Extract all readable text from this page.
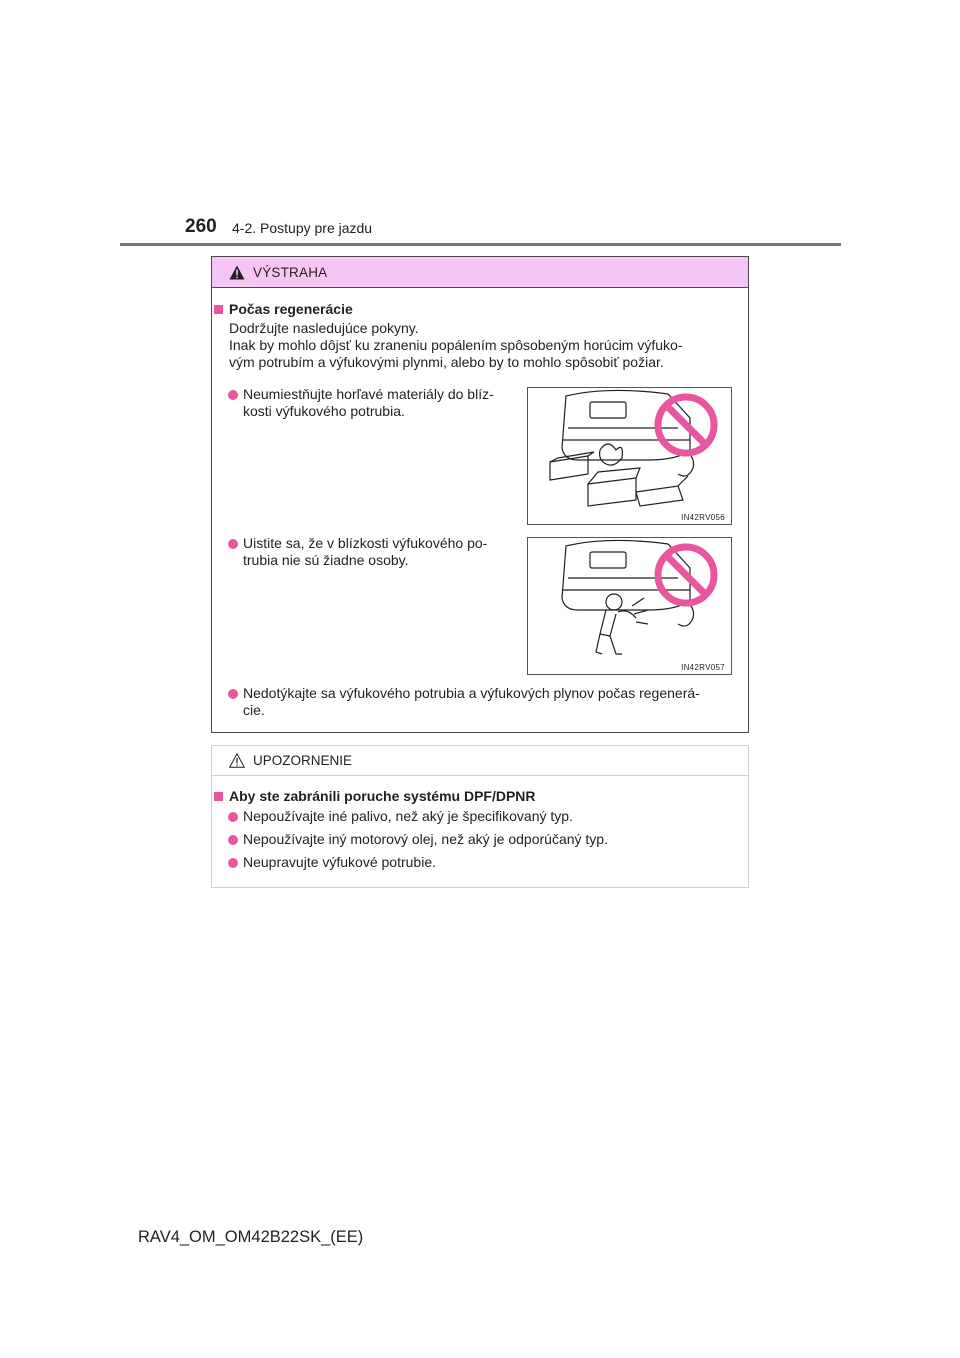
260 4-2. Postupy pre jazdu
VÝSTRAHA
Počas regenerácie
Dodržujte nasledujúce pokyny.
Inak by mohlo dôjsť ku zraneniu popálením spôsobeným horúcim výfuko-
vým potrubím a výfukovými plynmi, alebo by to mohlo spôsobiť požiar.
Neumiestňujte horľavé materiály do blíz-
kosti výfukového potrubia.
IN42RV056
Uistite sa, že v blízkosti výfukového po-
trubia nie sú žiadne osoby.
IN42RV057
Nedotýkajte sa výfukového potrubia a výfukových plynov počas regenerá-
cie.
UPOZORNENIE
Aby ste zabránili poruche systému DPF/DPNR
Nepoužívajte iné palivo, než aký je špecifikovaný typ.
Nepoužívajte iný motorový olej, než aký je odporúčaný typ.
Neupravujte výfukové potrubie.
RAV4_OM_OM42B22SK_(EE)
